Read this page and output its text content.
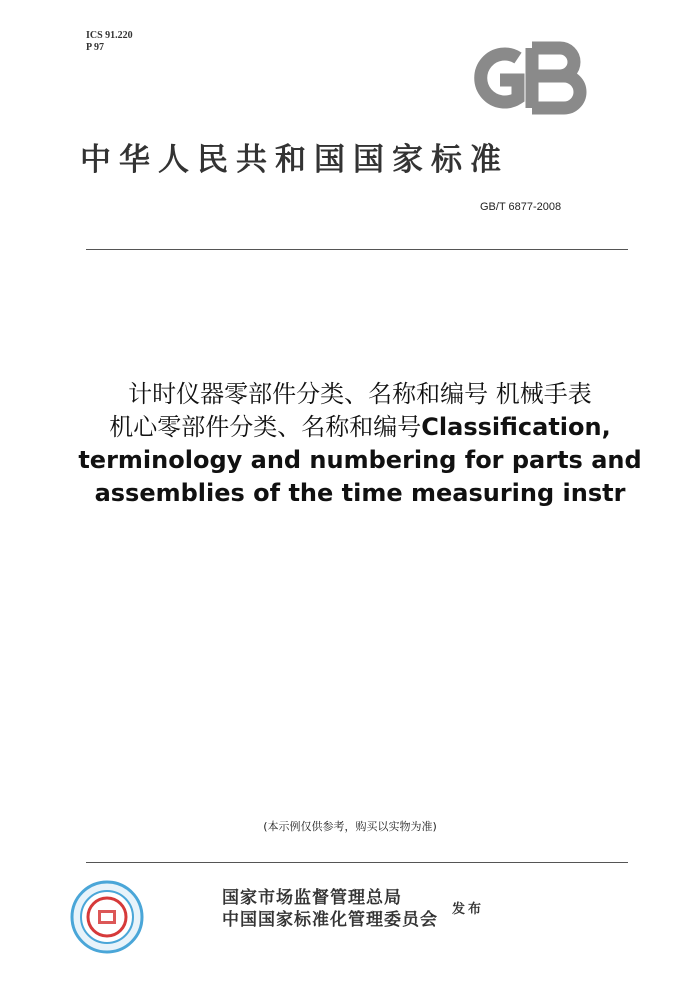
ICS 91.220
P 97
GB
中华人民共和国国家标准
GB/T 6877-2008
计时仪器零部件分类、名称和编号 机械手表
机心零部件分类、名称和编号Classification,
terminology and numbering for parts and
assemblies of the time measuring instr
(本示例仅供参考，购买以实物为准)
国家市场监督管理总局
中国国家标准化管理委员会
发布
